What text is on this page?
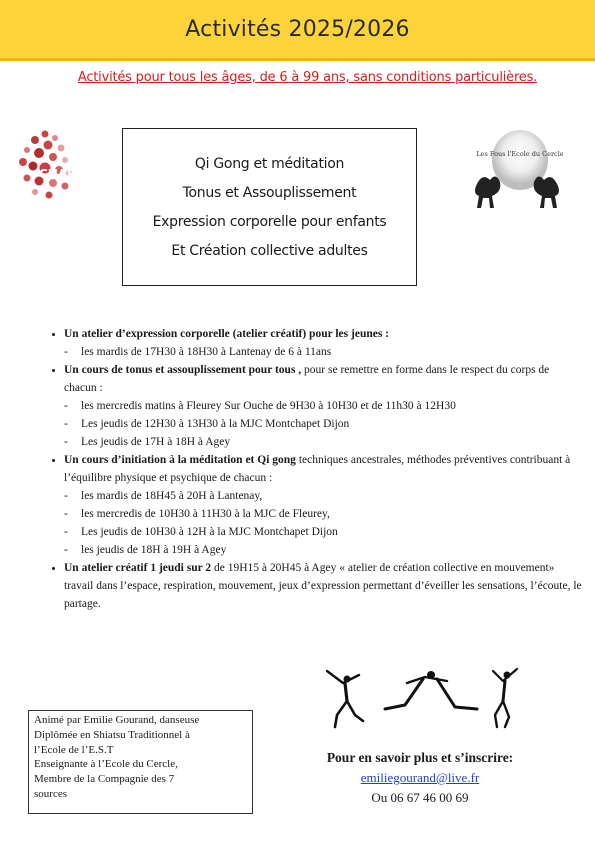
Activités 2025/2026
Activités pour tous les âges, de 6 à 99 ans, sans conditions particulières.
CHAP
Qi Gong et méditation
Tonus et Assouplissement
Expression corporelle pour enfants
Et Création collective adultes
Les Fous l'Ecole du Cercle
• Un atelier d’expression corporelle (atelier créatif) pour les jeunes :
- les mardis de 17H30 à 18H30 à Lantenay de 6 à 11ans
• Un cours de tonus et assouplissement pour tous , pour se remettre en forme dans le respect du corps de chacun :
- les mercredis matins à Fleurey Sur Ouche de 9H30 à 10H30 et de 11h30 à 12H30
- Les jeudis de 12H30 à 13H30 à la MJC Montchapet Dijon
- Les jeudis de 17H à 18H à Agey
• Un cours d’initiation à la méditation et Qi gong techniques ancestrales, méthodes préventives contribuant à l’équilibre physique et psychique de chacun :
- les mardis de 18H45 à 20H à Lantenay,
- les mercredis de 10H30 à 11H30 à la MJC de Fleurey,
- Les jeudis de 10H30 à 12H à la MJC Montchapet Dijon
- les jeudis de 18H à 19H à Agey
• Un atelier créatif 1 jeudi sur 2 de 19H15 à 20H45 à Agey « atelier de création collective en mouvement» travail dans l’espace, respiration, mouvement, jeux d’expression permettant d’éveiller les sensations, l’écoute, le partage.
Animé par Emilie Gourand, danseuse
Diplômée en Shiatsu Traditionnel à
l’Ecole de l’E.S.T
Enseignante à l’Ecole du Cercle,
Membre de la Compagnie des 7
sources
Pour en savoir plus et s’inscrire:
emiliegourand@live.fr
Ou 06 67 46 00 69
